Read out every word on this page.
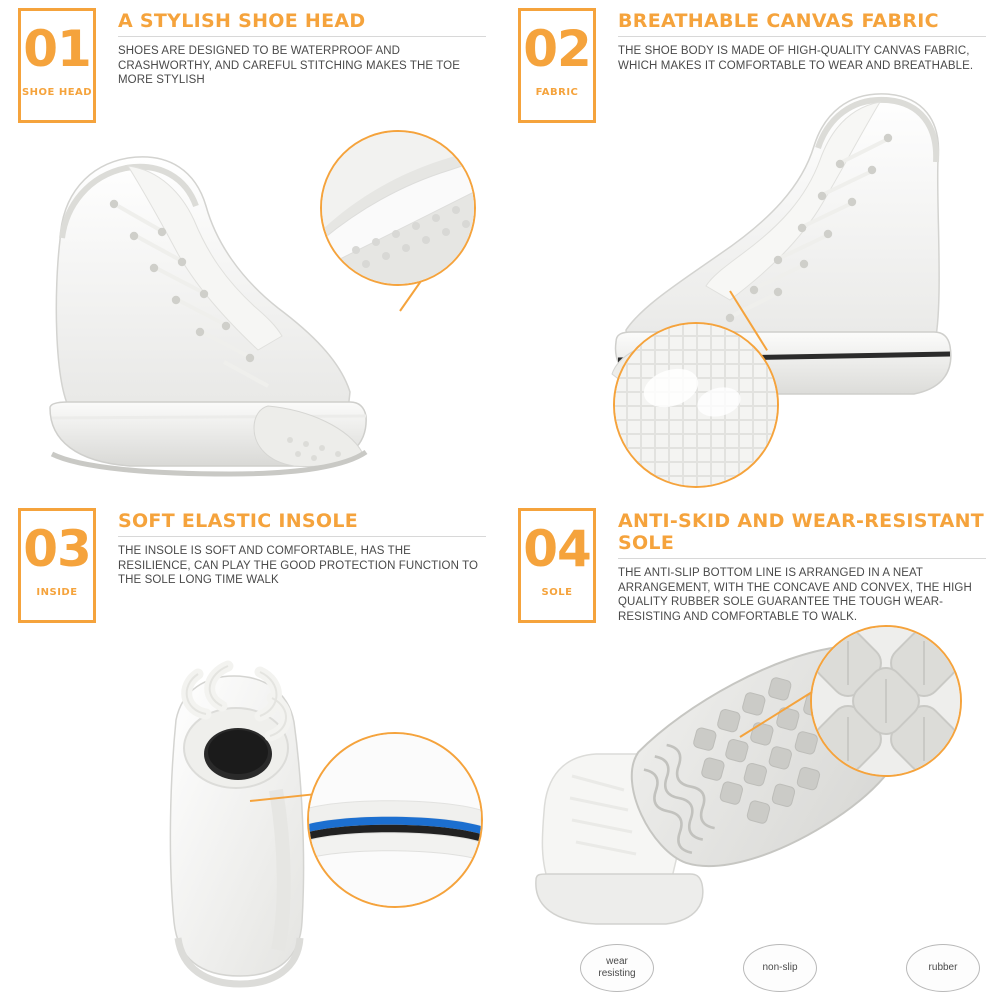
01
SHOE HEAD
A STYLISH SHOE HEAD

SHOES ARE DESIGNED TO BE WATERPROOF AND CRASHWORTHY, AND CAREFUL STITCHING MAKES THE TOE MORE STYLISH

02
FABRIC
BREATHABLE CANVAS FABRIC

THE SHOE BODY IS MADE OF HIGH-QUALITY CANVAS FABRIC, WHICH MAKES IT COMFORTABLE TO WEAR AND BREATHABLE.

03
INSIDE
SOFT ELASTIC INSOLE

THE INSOLE IS SOFT AND COMFORTABLE, HAS THE RESILIENCE, CAN PLAY THE GOOD PROTECTION FUNCTION TO THE SOLE LONG TIME WALK

04
SOLE
ANTI-SKID AND WEAR-RESISTANT SOLE

THE ANTI-SLIP BOTTOM LINE IS ARRANGED IN A NEAT ARRANGEMENT, WITH THE CONCAVE AND CONVEX, THE HIGH QUALITY RUBBER SOLE GUARANTEE THE TOUGH WEAR-RESISTING AND COMFORTABLE TO WALK.

wear
resisting
non-slip	rubber
